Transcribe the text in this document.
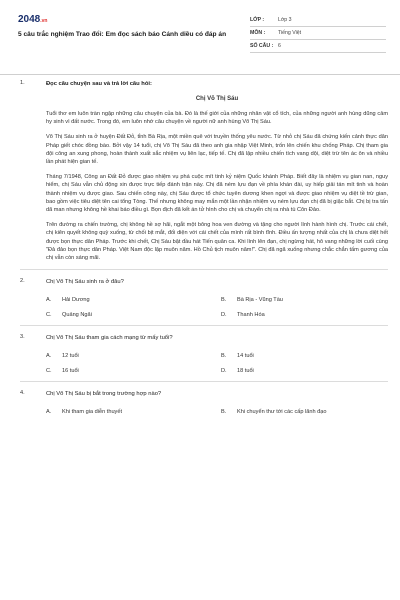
2048.vn
5 câu trắc nghiệm Trao đổi: Em đọc sách báo Cánh diều có đáp án
LỚP :	Lớp 3
MÔN :	Tiếng Việt
SỐ CÂU : 6
1.	Đọc câu chuyện sau và trả lời câu hỏi:
Chị Võ Thị Sáu

Tuổi thơ em luôn tràn ngập những câu chuyện của bà. Đó là thế giới của những nhân vật cổ tích, của những người anh hùng dũng cảm hy sinh vì đất nước. Trong đó, em luôn nhớ câu chuyện về người nữ anh hùng Võ Thị Sáu.

Võ Thị Sáu sinh ra ở huyện Đất Đỏ, tỉnh Bà Rịa, một miền quê với truyền thống yêu nước. Từ nhỏ chị Sáu đã chứng kiến cảnh thực dân Pháp giết chóc đồng bào. Bởi vậy 14 tuổi, chị Võ Thị Sáu đã theo anh gia nhập Việt Minh, trốn lên chiến khu chống Pháp. Chị tham gia đội công an xung phong, hoàn thành xuất sắc nhiệm vụ liên lạc, tiếp tế. Chị đã lập nhiều chiến tích vang dội, diệt trừ tên ác ôn và nhiều lần phát hiện gian tế.

Tháng 7/1948, Công an Đất Đỏ được giao nhiệm vụ phá cuộc mít tinh kỷ niệm Quốc khánh Pháp. Biết đây là nhiệm vụ gian nan, nguy hiểm, chị Sáu vẫn chủ động xin được trực tiếp đánh trận này. Chị đã ném lựu đạn về phía khán đài, uy hiếp giải tán mít tinh và hoàn thành nhiệm vụ được giao. Sau chiến công này, chị Sáu được tổ chức tuyên dương khen ngợi và được giao nhiệm vụ diệt tề trừ gian, bao gồm việc tiêu diệt tên cai tổng Tòng. Thế nhưng không may mắn một lần nhận nhiệm vụ ném lựu đạn chị đã bị giặc bắt. Chị bị tra tấn dã man nhưng không hề khai báo điều gì. Bọn địch đã kết án tử hình cho chị và chuyển chị ra nhà tù Côn Đảo.

Trên đường ra chiến trường, chị không hề sợ hãi, ngắt một bông hoa ven đường và tặng cho người lính hành hình chị. Trước cái chết, chị kiên quyết không quỳ xuống, từ chối bịt mắt, đối diện với cái chết của mình rất bình tĩnh. Điều ấn tượng nhất của chị là chưa diệt hết được bọn thực dân Pháp. Trước khi chết, Chị Sáu bật đầu hát Tiến quân ca. Khi lính lên đạn, chị ngừng hát, hô vang những lời cuối cùng "Đả đảo bọn thực dân Pháp. Việt Nam độc lập muôn năm. Hồ Chủ tịch muôn năm!". Chị đã ngã xuống nhưng chắc chắn tấm gương của chị vẫn còn sáng mãi.

2.	Chị Võ Thị Sáu sinh ra ở đâu?
A. Hải Dương	B. Bà Rịa - Vũng Tàu
C. Quảng Ngãi	D. Thanh Hóa
3.	Chị Võ Thị Sáu tham gia cách mạng từ mấy tuổi?
A. 12 tuổi	B. 14 tuổi
C. 16 tuổi	D. 18 tuổi
4.	Chị Võ Thị Sáu bị bắt trong trường hợp nào?
A. Khi tham gia diễn thuyết	B. Khi chuyển thư tới các cấp lãnh đạo
